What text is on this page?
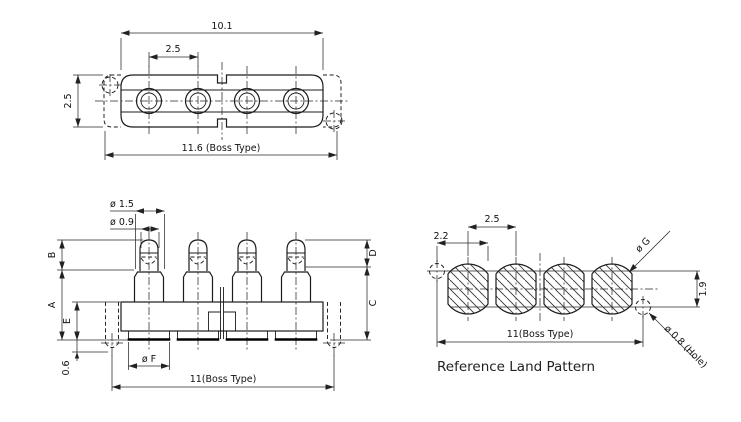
10.1
2.5
2.5
11.6 (Boss Type)
ø 1.5
ø 0.9
B
A
E
0.6
ø F
11(Boss Type)
D
C
2.2
2.5
ø G
1.9
ø 0.8 (Hole)
11(Boss Type)
Reference Land Pattern
